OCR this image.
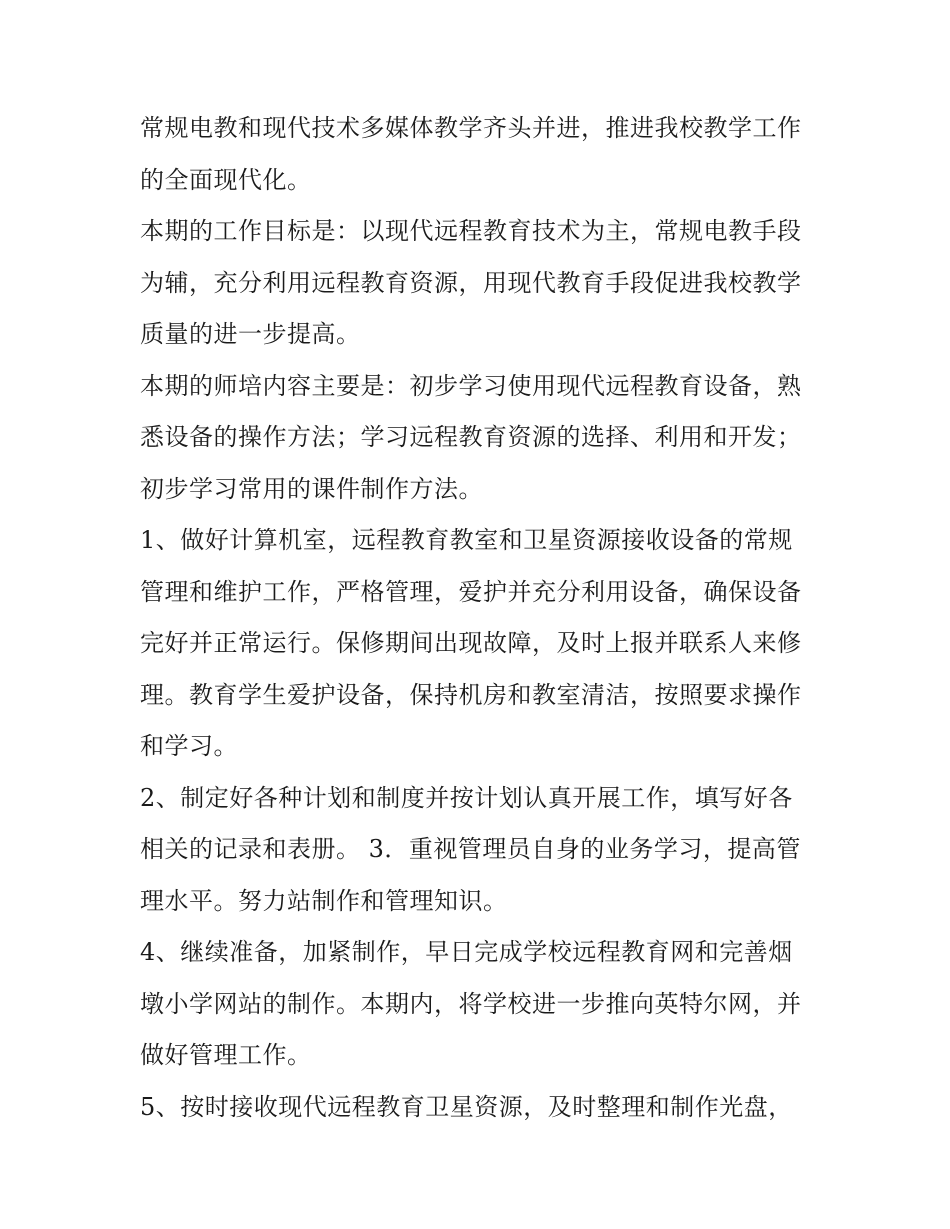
常规电教和现代技术多媒体教学齐头并进，推进我校教学工作
的全面现代化。

本期的工作目标是：以现代远程教育技术为主，常规电教手段
为辅，充分利用远程教育资源，用现代教育手段促进我校教学
质量的进一步提高。

本期的师培内容主要是：初步学习使用现代远程教育设备，熟
悉设备的操作方法；学习远程教育资源的选择、利用和开发；
初步学习常用的课件制作方法。

1、做好计算机室，远程教育教室和卫星资源接收设备的常规
管理和维护工作，严格管理，爱护并充分利用设备，确保设备
完好并正常运行。保修期间出现故障，及时上报并联系人来修
理。教育学生爱护设备，保持机房和教室清洁，按照要求操作
和学习。

2、制定好各种计划和制度并按计划认真开展工作，填写好各
相关的记录和表册。 3．重视管理员自身的业务学习，提高管
理水平。努力站制作和管理知识。

4、继续准备，加紧制作，早日完成学校远程教育网和完善烟
墩小学网站的制作。本期内，将学校进一步推向英特尔网，并
做好管理工作。

5、按时接收现代远程教育卫星资源，及时整理和制作光盘，
